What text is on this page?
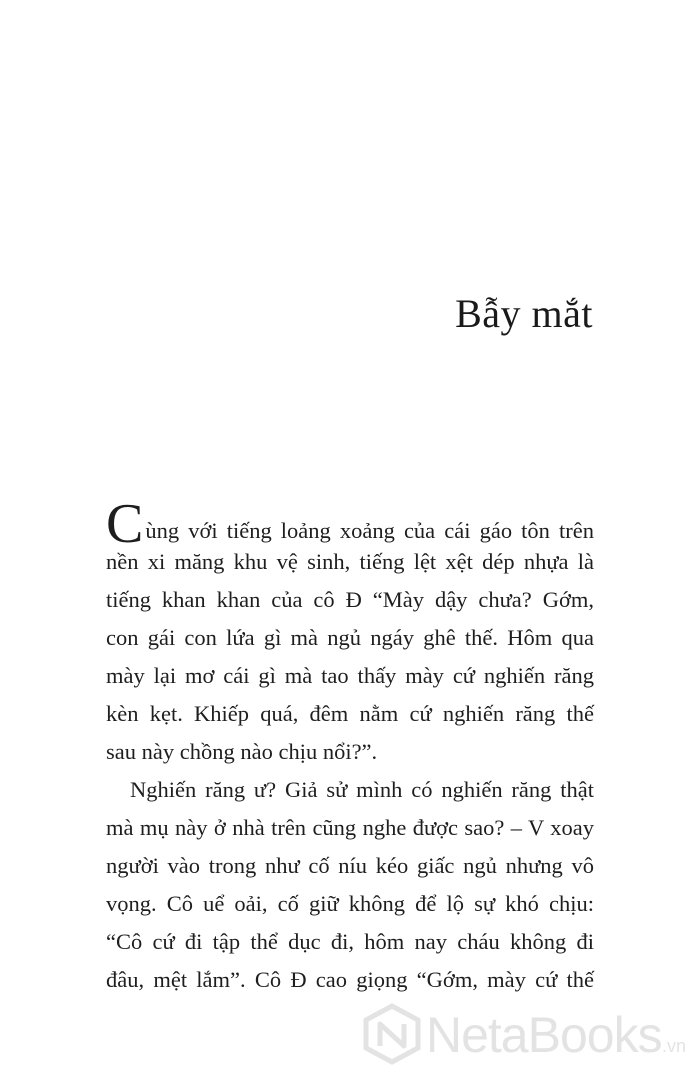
Bẫy mắt
Cùng với tiếng loảng xoảng của cái gáo tôn trên
nền xi măng khu vệ sinh, tiếng lệt xệt dép nhựa là
tiếng khan khan của cô Đ “Mày dậy chưa? Gớm,
con gái con lứa gì mà ngủ ngáy ghê thế. Hôm qua
mày lại mơ cái gì mà tao thấy mày cứ nghiến răng
kèn kẹt. Khiếp quá, đêm nằm cứ nghiến răng thế
sau này chồng nào chịu nổi?”.
Nghiến răng ư? Giả sử mình có nghiến răng thật
mà mụ này ở nhà trên cũng nghe được sao? – V xoay
người vào trong như cố níu kéo giấc ngủ nhưng vô
vọng. Cô uể oải, cố giữ không để lộ sự khó chịu:
“Cô cứ đi tập thể dục đi, hôm nay cháu không đi
đâu, mệt lắm”. Cô Đ cao giọng “Gớm, mày cứ thế
NetaBooks .vn
